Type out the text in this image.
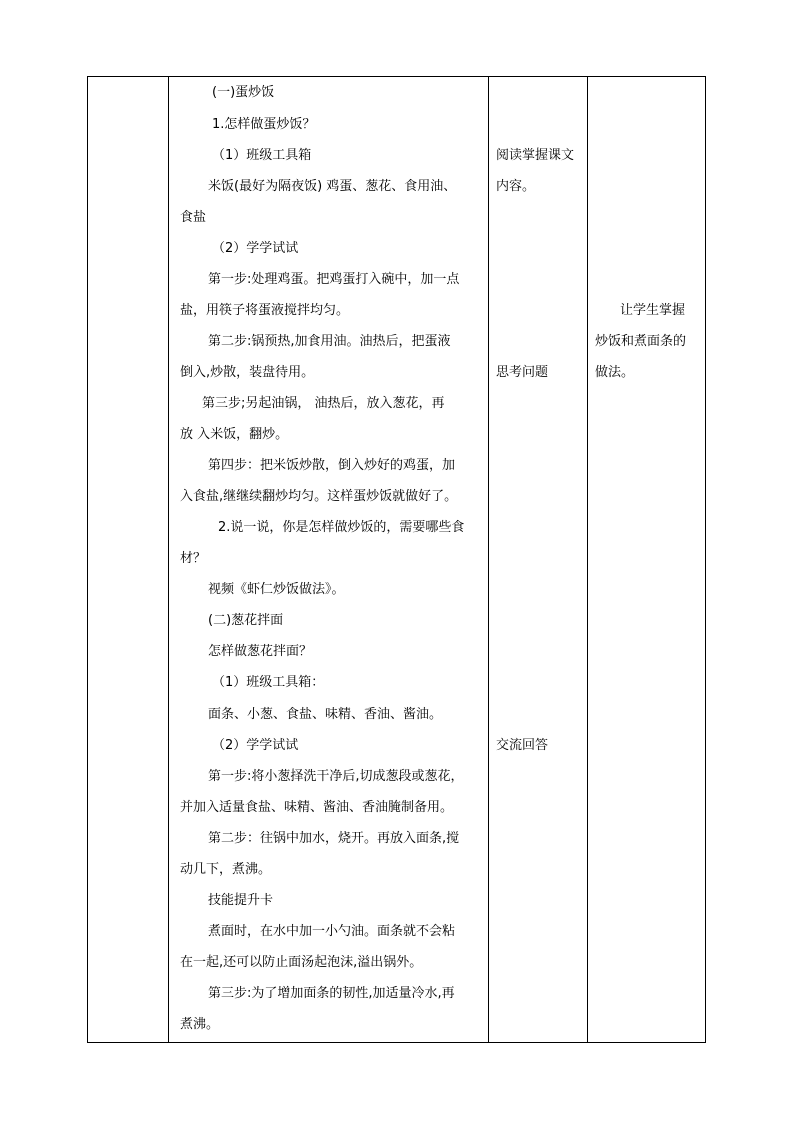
(一)蛋炒饭
1.怎样做蛋炒饭？
（1）班级工具箱
米饭(最好为隔夜饭) 鸡蛋、葱花、食用油、
食盐
（2）学学试试
第一步:处理鸡蛋。把鸡蛋打入碗中，加一点
盐，用筷子将蛋液搅拌均匀。
第二步:锅预热,加食用油。油热后，把蛋液
倒入,炒散，装盘待用。
第三步;另起油锅， 油热后，放入葱花，再
放 入米饭，翻炒。
第四步：把米饭炒散，倒入炒好的鸡蛋，加
入食盐,继继续翻炒均匀。这样蛋炒饭就做好了。
2.说一说，你是怎样做炒饭的，需要哪些食
材？
视频《虾仁炒饭做法》。
(二)葱花拌面
怎样做葱花拌面？
（1）班级工具箱：
面条、小葱、食盐、味精、香油、酱油。
（2）学学试试
第一步:将小葱择洗干净后,切成葱段或葱花，
并加入适量食盐、味精、酱油、香油腌制备用。
第二步：往锅中加水，烧开。再放入面条,搅
动几下，煮沸。
技能提升卡
煮面时，在水中加一小勺油。面条就不会粘
在一起,还可以防止面汤起泡沫,溢出锅外。
第三步:为了增加面条的韧性,加适量冷水,再
煮沸。
阅读掌握课文
内容。
思考问题
交流回答
让学生掌握
炒饭和煮面条的
做法。
